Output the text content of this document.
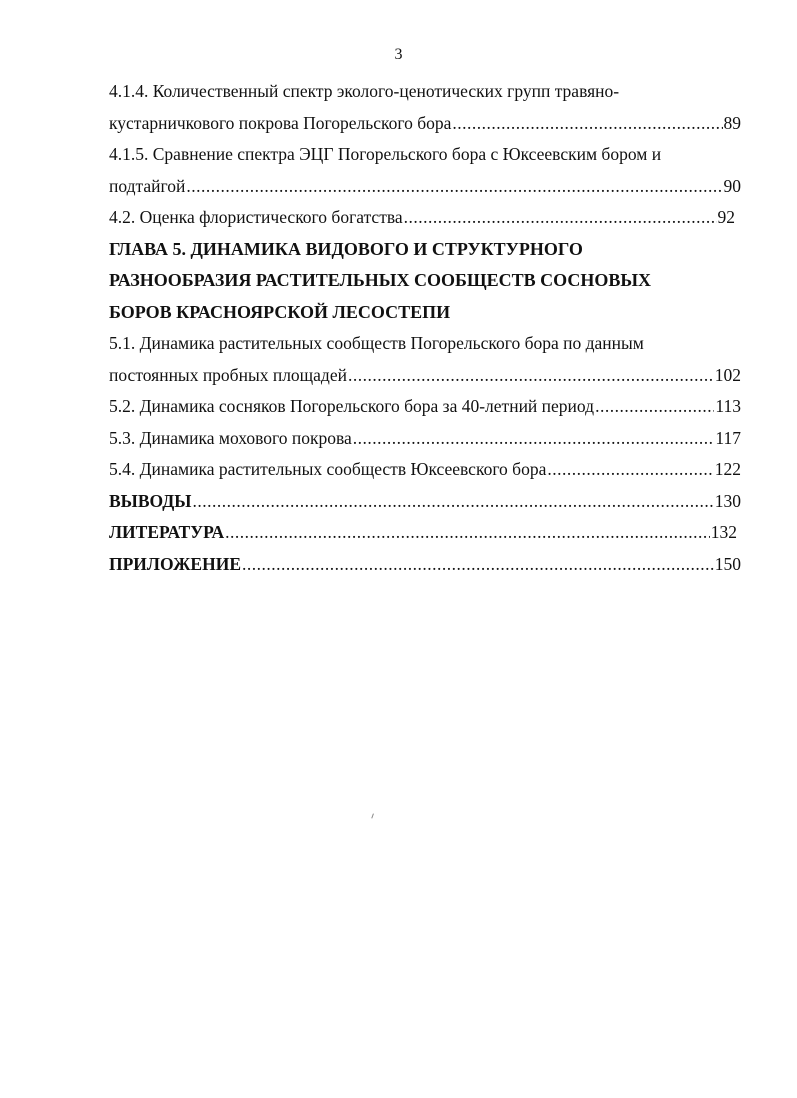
3
4.1.4. Количественный спектр эколого-ценотических групп травяно-
кустарничкового покрова Погорельского бора .....	89
4.1.5. Сравнение спектра ЭЦГ Погорельского бора с Юксеевским бором и
подтайгой .....	90
4.2. Оценка флористического богатства .....	92
ГЛАВА 5. ДИНАМИКА ВИДОВОГО И СТРУКТУРНОГО
РАЗНООБРАЗИЯ РАСТИТЕЛЬНЫХ СООБЩЕСТВ СОСНОВЫХ
БОРОВ КРАСНОЯРСКОЙ ЛЕСОСТЕПИ
5.1. Динамика растительных сообществ Погорельского бора по данным
постоянных пробных площадей .....	102
5.2. Динамика сосняков Погорельского бора за 40-летний период .....	113
5.3. Динамика мохового покрова .....	117
5.4. Динамика растительных сообществ Юксеевского бора .....	122
ВЫВОДЫ .....	130
ЛИТЕРАТУРА .....	132
ПРИЛОЖЕНИЕ .....	150
